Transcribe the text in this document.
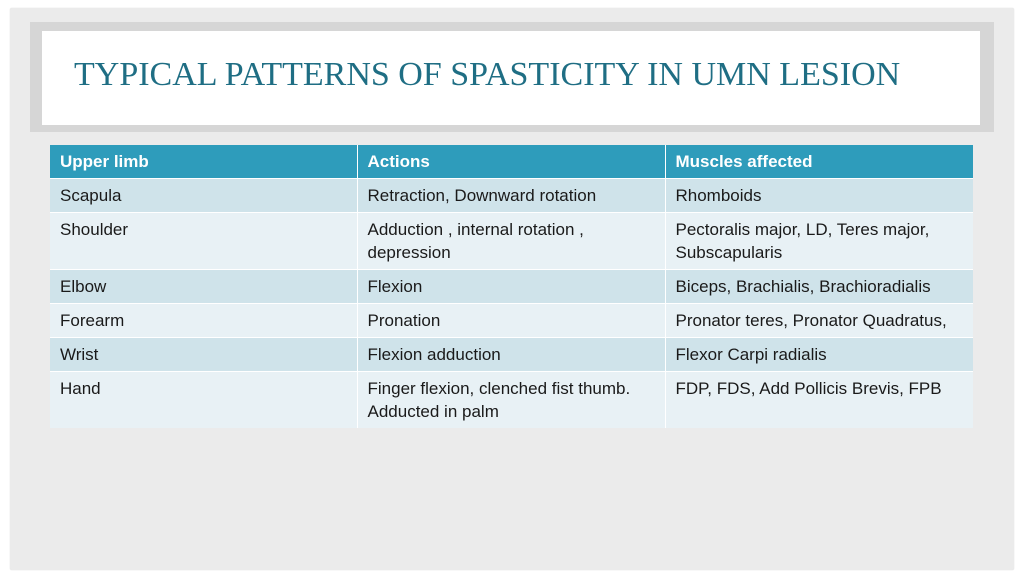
TYPICAL PATTERNS OF SPASTICITY IN UMN LESION
Upper limb	Actions	Muscles affected
Scapula	Retraction, Downward rotation	Rhomboids
Shoulder	Adduction , internal rotation , depression	Pectoralis major, LD, Teres major, Subscapularis
Elbow	Flexion	Biceps, Brachialis, Brachioradialis
Forearm	Pronation	Pronator teres, Pronator Quadratus,
Wrist	Flexion adduction	Flexor Carpi radialis
Hand	Finger flexion, clenched fist thumb. Adducted in palm	FDP, FDS, Add Pollicis Brevis, FPB
